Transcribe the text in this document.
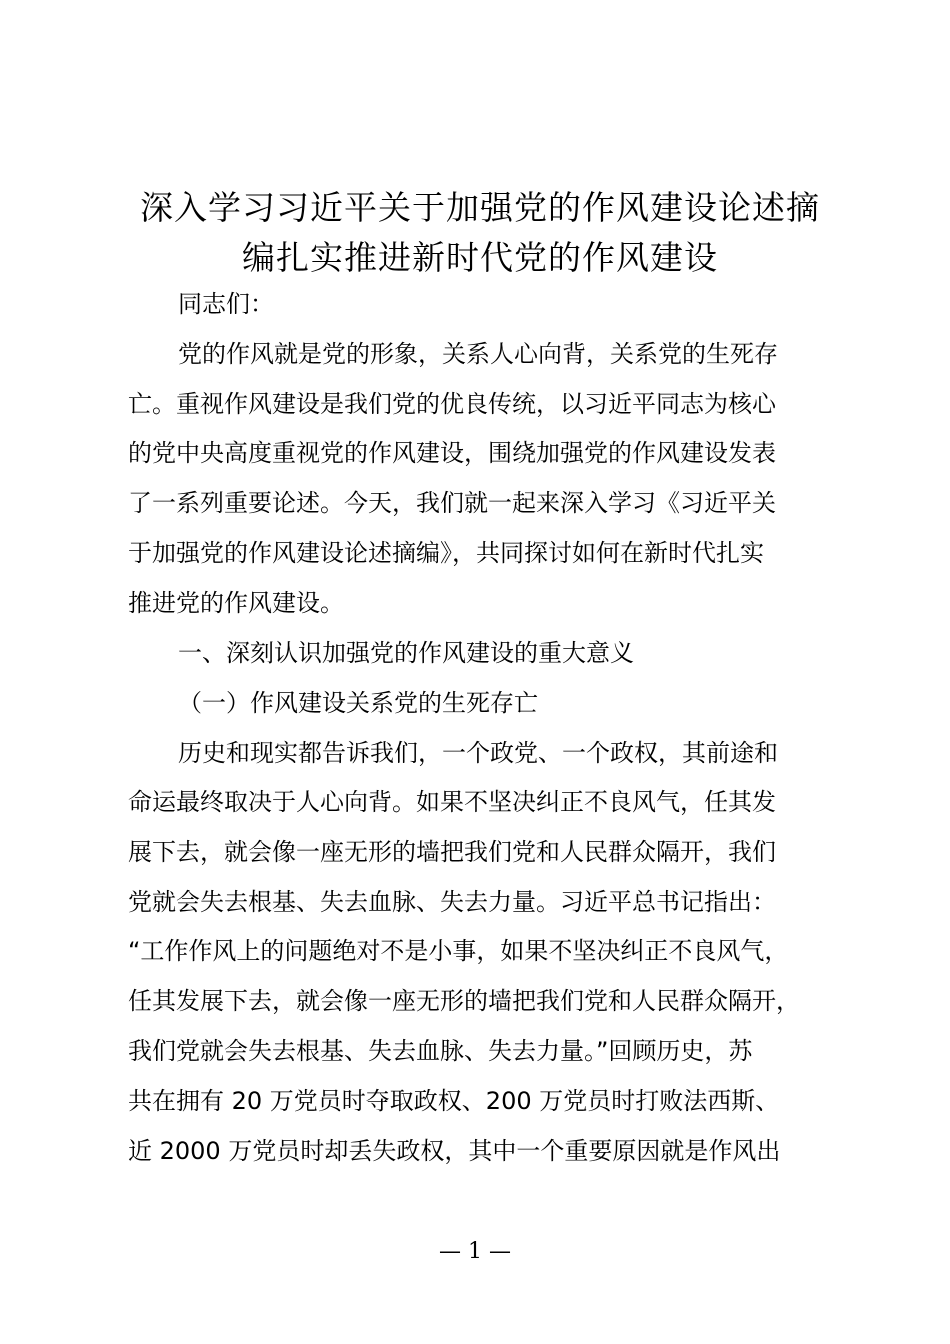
深入学习习近平关于加强党的作风建设论述摘
编扎实推进新时代党的作风建设

同志们：

党的作风就是党的形象，关系人心向背，关系党的生死存

亡。重视作风建设是我们党的优良传统，以习近平同志为核心

的党中央高度重视党的作风建设，围绕加强党的作风建设发表

了一系列重要论述。今天，我们就一起来深入学习《习近平关

于加强党的作风建设论述摘编》，共同探讨如何在新时代扎实

推进党的作风建设。

一、深刻认识加强党的作风建设的重大意义

（一）作风建设关系党的生死存亡

历史和现实都告诉我们，一个政党、一个政权，其前途和

命运最终取决于人心向背。如果不坚决纠正不良风气，任其发

展下去，就会像一座无形的墙把我们党和人民群众隔开，我们

党就会失去根基、失去血脉、失去力量。习近平总书记指出：

“工作作风上的问题绝对不是小事，如果不坚决纠正不良风气，

任其发展下去，就会像一座无形的墙把我们党和人民群众隔开，

我们党就会失去根基、失去血脉、失去力量。”回顾历史，苏

共在拥有 20 万党员时夺取政权、200 万党员时打败法西斯、

近 2000 万党员时却丢失政权，其中一个重要原因就是作风出

— 1 —
